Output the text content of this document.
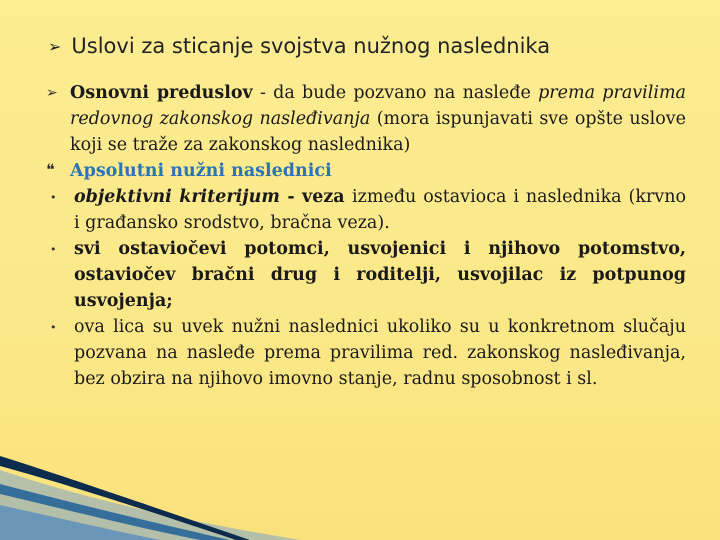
➢ Uslovi za sticanje svojstva nužnog naslednika
➢ Osnovni preduslov - da bude pozvano na nasleđe prema pravilima redovnog zakonskog nasleđivanja (mora ispunjavati sve opšte uslove koji se traže za zakonskog naslednika)
❝ Apsolutni nužni naslednici
•	objektivni kriterijum - veza između ostavioca i naslednika (krvno i građansko srodstvo, bračna veza).
•	svi ostaviočevi potomci, usvojenici i njihovo potomstvo, ostaviočev bračni drug i roditelji, usvojilac iz potpunog usvojenja;
•	ova lica su uvek nužni naslednici ukoliko su u konkretnom slučaju pozvana na nasleđe prema pravilima red. zakonskog nasleđivanja, bez obzira na njihovo imovno stanje, radnu sposobnost i sl.
